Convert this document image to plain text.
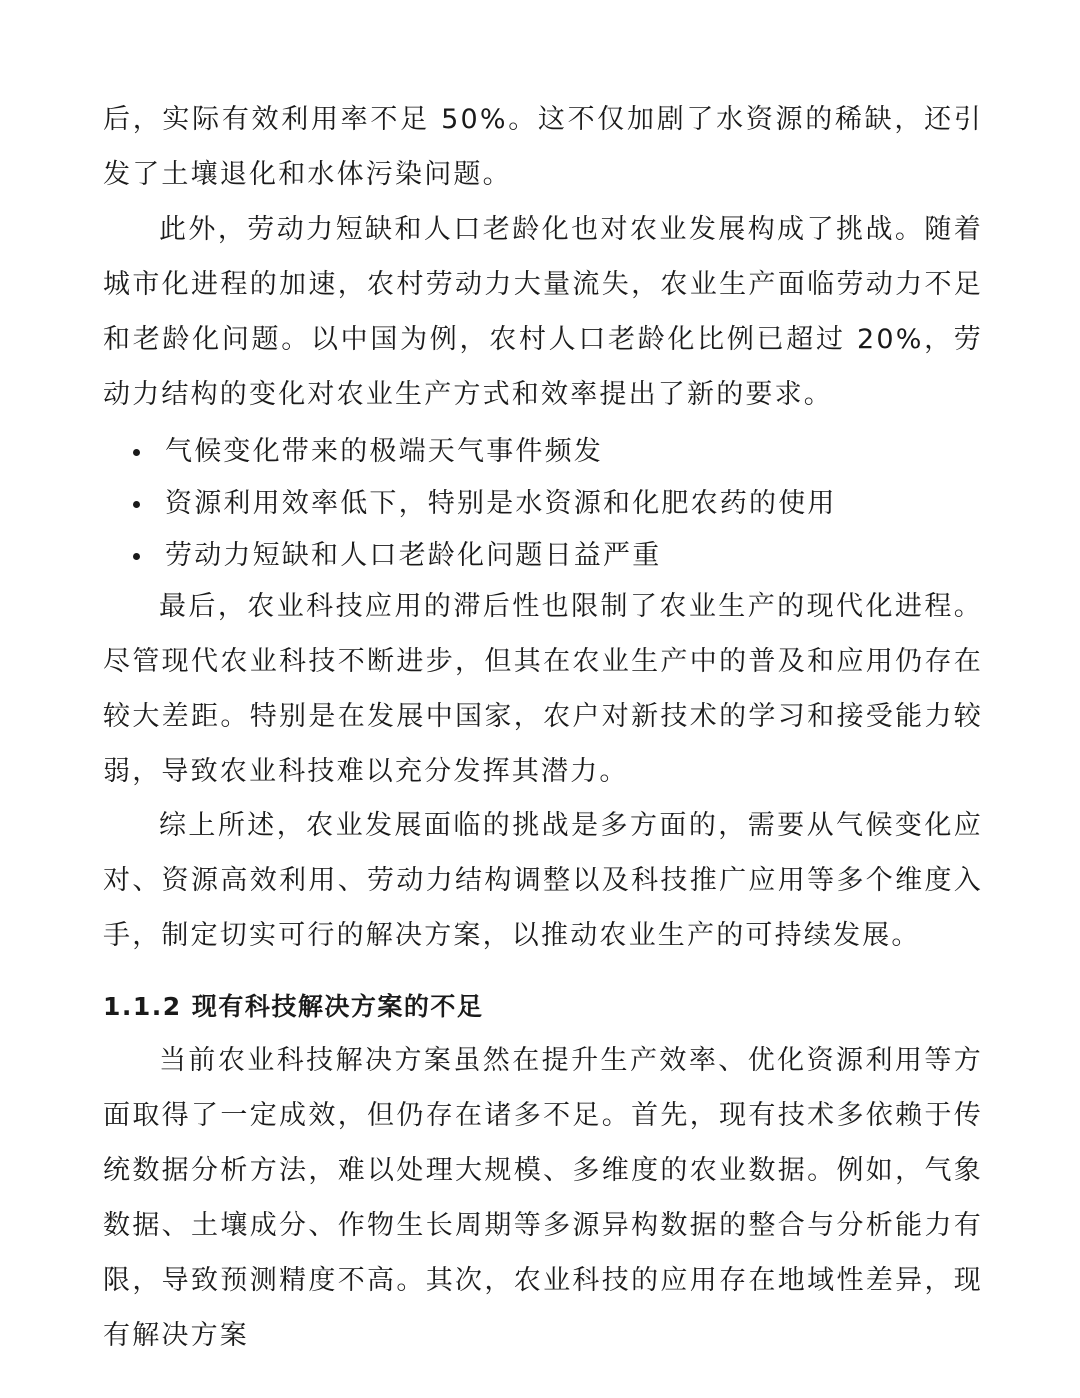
后，实际有效利用率不足 50%。这不仅加剧了水资源的稀缺，还引发了土壤退化和水体污染问题。

此外，劳动力短缺和人口老龄化也对农业发展构成了挑战。随着城市化进程的加速，农村劳动力大量流失，农业生产面临劳动力不足和老龄化问题。以中国为例，农村人口老龄化比例已超过 20%，劳动力结构的变化对农业生产方式和效率提出了新的要求。

气候变化带来的极端天气事件频发
资源利用效率低下，特别是水资源和化肥农药的使用
劳动力短缺和人口老龄化问题日益严重

最后，农业科技应用的滞后性也限制了农业生产的现代化进程。尽管现代农业科技不断进步，但其在农业生产中的普及和应用仍存在较大差距。特别是在发展中国家，农户对新技术的学习和接受能力较弱，导致农业科技难以充分发挥其潜力。

综上所述，农业发展面临的挑战是多方面的，需要从气候变化应对、资源高效利用、劳动力结构调整以及科技推广应用等多个维度入手，制定切实可行的解决方案，以推动农业生产的可持续发展。

1.1.2 现有科技解决方案的不足

当前农业科技解决方案虽然在提升生产效率、优化资源利用等方面取得了一定成效，但仍存在诸多不足。首先，现有技术多依赖于传统数据分析方法，难以处理大规模、多维度的农业数据。例如，气象数据、土壤成分、作物生长周期等多源异构数据的整合与分析能力有限，导致预测精度不高。其次，农业科技的应用存在地域性差异，现有解决方案
